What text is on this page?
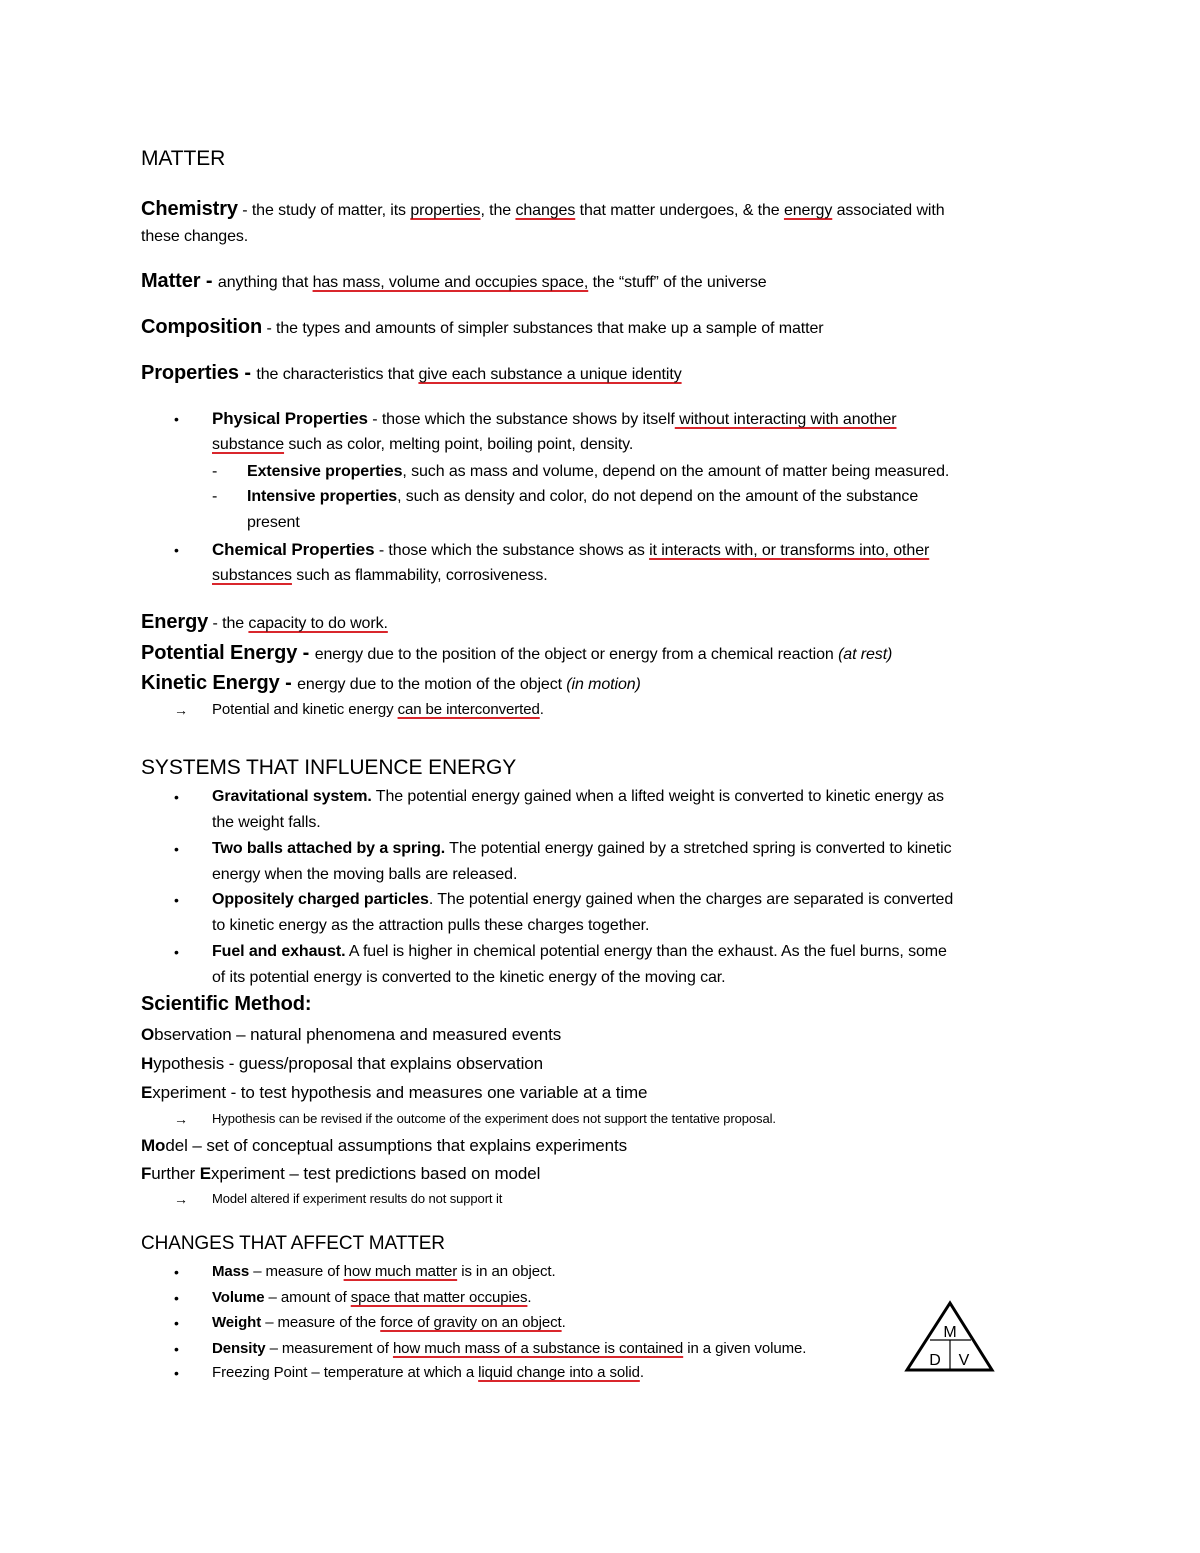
MATTER
Chemistry - the study of matter, its properties, the changes that matter undergoes, & the energy associated with
these changes.
Matter - anything that has mass, volume and occupies space, the “stuff” of the universe
Composition - the types and amounts of simpler substances that make up a sample of matter
Properties - the characteristics that give each substance a unique identity
• Physical Properties - those which the substance shows by itself without interacting with another
substance such as color, melting point, boiling point, density.
- Extensive properties, such as mass and volume, depend on the amount of matter being measured.
- Intensive properties, such as density and color, do not depend on the amount of the substance
present
• Chemical Properties - those which the substance shows as it interacts with, or transforms into, other
substances such as flammability, corrosiveness.
Energy - the capacity to do work.
Potential Energy - energy due to the position of the object or energy from a chemical reaction (at rest)
Kinetic Energy - energy due to the motion of the object (in motion)
→ Potential and kinetic energy can be interconverted.
SYSTEMS THAT INFLUENCE ENERGY
• Gravitational system. The potential energy gained when a lifted weight is converted to kinetic energy as
the weight falls.
• Two balls attached by a spring. The potential energy gained by a stretched spring is converted to kinetic
energy when the moving balls are released.
• Oppositely charged particles. The potential energy gained when the charges are separated is converted
to kinetic energy as the attraction pulls these charges together.
• Fuel and exhaust. A fuel is higher in chemical potential energy than the exhaust. As the fuel burns, some
of its potential energy is converted to the kinetic energy of the moving car.
Scientific Method:
Observation – natural phenomena and measured events
Hypothesis - guess/proposal that explains observation
Experiment - to test hypothesis and measures one variable at a time
→ Hypothesis can be revised if the outcome of the experiment does not support the tentative proposal.
Model – set of conceptual assumptions that explains experiments
Further Experiment – test predictions based on model
→ Model altered if experiment results do not support it
CHANGES THAT AFFECT MATTER
• Mass – measure of how much matter is in an object.
• Volume – amount of space that matter occupies.
• Weight – measure of the force of gravity on an object.
• Density – measurement of how much mass of a substance is contained in a given volume.
• Freezing Point – temperature at which a liquid change into a solid.
M
D V
